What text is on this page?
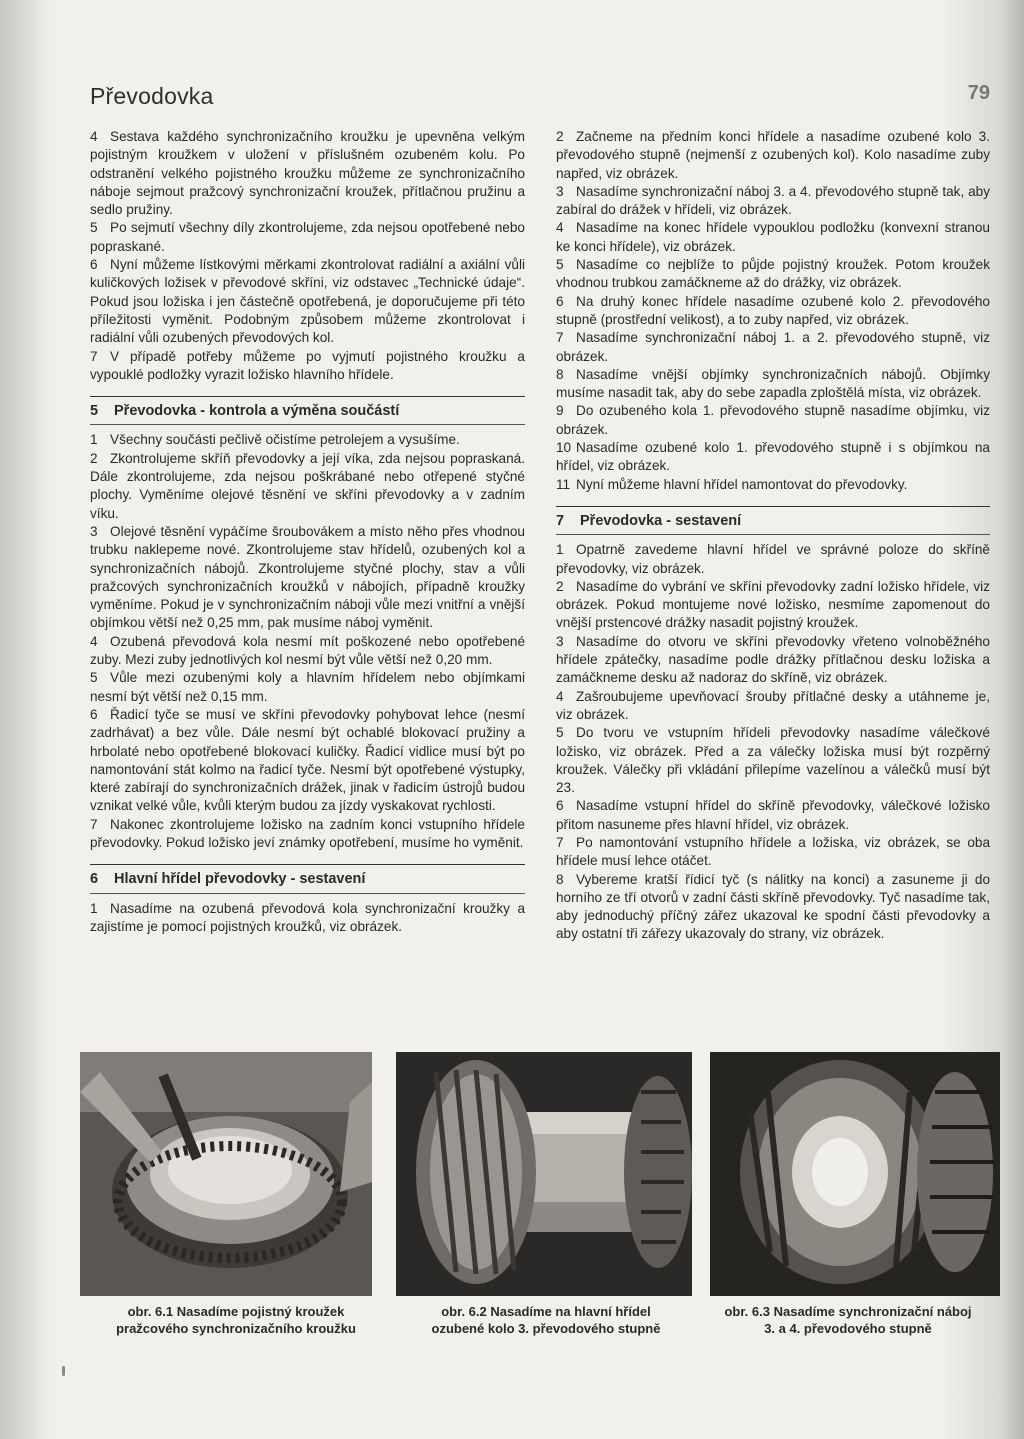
Převodovka	79
4 Sestava každého synchronizačního kroužku je upevněna velkým pojistným kroužkem v uložení v příslušném ozubeném kolu. Po odstranění velkého pojistného kroužku můžeme ze synchronizačního náboje sejmout pražcový synchronizační kroužek, přítlačnou pružinu a sedlo pružiny.
5 Po sejmutí všechny díly zkontrolujeme, zda nejsou opotřebené nebo popraskané.
6 Nyní můžeme lístkovými měrkami zkontrolovat radiální a axiální vůli kuličkových ložisek v převodové skříni, viz odstavec „Technické údaje“. Pokud jsou ložiska i jen částečně opotřebená, je doporučujeme při této příležitosti vyměnit. Podobným způsobem můžeme zkontrolovat i radiální vůli ozubených převodových kol.
7 V případě potřeby můžeme po vyjmutí pojistného kroužku a vypouklé podložky vyrazit ložisko hlavního hřídele.
5 Převodovka - kontrola a výměna součástí
1 Všechny součásti pečlivě očistíme petrolejem a vysušíme.
2 Zkontrolujeme skříň převodovky a její víka, zda nejsou popraskaná. Dále zkontrolujeme, zda nejsou poškrábané nebo otřepené styčné plochy. Vyměníme olejové těsnění ve skříni převodovky a v zadním víku.
3 Olejové těsnění vypáčíme šroubovákem a místo něho přes vhodnou trubku naklepeme nové. Zkontrolujeme stav hřídelů, ozubených kol a synchronizačních nábojů. Zkontrolujeme styčné plochy, stav a vůli pražcových synchronizačních kroužků v nábojích, případně kroužky vyměníme. Pokud je v synchronizačním náboji vůle mezi vnitřní a vnější objímkou větší než 0,25 mm, pak musíme náboj vyměnit.
4 Ozubená převodová kola nesmí mít poškozené nebo opotřebené zuby. Mezi zuby jednotlivých kol nesmí být vůle větší než 0,20 mm.
5 Vůle mezi ozubenými koly a hlavním hřídelem nebo objímkami nesmí být větší než 0,15 mm.
6 Řadicí tyče se musí ve skříni převodovky pohybovat lehce (nesmí zadrhávat) a bez vůle. Dále nesmí být ochablé blokovací pružiny a hrbolaté nebo opotřebené blokovací kuličky. Řadicí vidlice musí být po namontování stát kolmo na řadicí tyče. Nesmí být opotřebené výstupky, které zabírají do synchronizačních drážek, jinak v řadicím ústrojů budou vznikat velké vůle, kvůli kterým budou za jízdy vyskakovat rychlosti.
7 Nakonec zkontrolujeme ložisko na zadním konci vstupního hřídele převodovky. Pokud ložisko jeví známky opotřebení, musíme ho vyměnit.
6 Hlavní hřídel převodovky - sestavení
1 Nasadíme na ozubená převodová kola synchronizační kroužky a zajistíme je pomocí pojistných kroužků, viz obrázek.
2 Začneme na předním konci hřídele a nasadíme ozubené kolo 3. převodového stupně (nejmenší z ozubených kol). Kolo nasadíme zuby napřed, viz obrázek.
3 Nasadíme synchronizační náboj 3. a 4. převodového stupně tak, aby zabíral do drážek v hřídeli, viz obrázek.
4 Nasadíme na konec hřídele vypouklou podložku (konvexní stranou ke konci hřídele), viz obrázek.
5 Nasadíme co nejblíže to půjde pojistný kroužek. Potom kroužek vhodnou trubkou zamáčkneme až do drážky, viz obrázek.
6 Na druhý konec hřídele nasadíme ozubené kolo 2. převodového stupně (prostřední velikost), a to zuby napřed, viz obrázek.
7 Nasadíme synchronizační náboj 1. a 2. převodového stupně, viz obrázek.
8 Nasadíme vnější objímky synchronizačních nábojů. Objímky musíme nasadit tak, aby do sebe zapadla zploštělá místa, viz obrázek.
9 Do ozubeného kola 1. převodového stupně nasadíme objímku, viz obrázek.
10 Nasadíme ozubené kolo 1. převodového stupně i s objímkou na hřídel, viz obrázek.
11 Nyní můžeme hlavní hřídel namontovat do převodovky.
7 Převodovka - sestavení
1 Opatrně zavedeme hlavní hřídel ve správné poloze do skříně převodovky, viz obrázek.
2 Nasadíme do vybrání ve skříni převodovky zadní ložisko hřídele, viz obrázek. Pokud montujeme nové ložisko, nesmíme zapomenout do vnější prstencové drážky nasadit pojistný kroužek.
3 Nasadíme do otvoru ve skříni převodovky vřeteno volnoběžného hřídele zpátečky, nasadíme podle drážky přítlačnou desku ložiska a zamáčkneme desku až nadoraz do skříně, viz obrázek.
4 Zašroubujeme upevňovací šrouby přítlačné desky a utáhneme je, viz obrázek.
5 Do tvoru ve vstupním hřídeli převodovky nasadíme válečkové ložisko, viz obrázek. Před a za válečky ložiska musí být rozpěrný kroužek. Válečky při vkládání přilepíme vazelínou a válečků musí být 23.
6 Nasadíme vstupní hřídel do skříně převodovky, válečkové ložisko přitom nasuneme přes hlavní hřídel, viz obrázek.
7 Po namontování vstupního hřídele a ložiska, viz obrázek, se oba hřídele musí lehce otáčet.
8 Vybereme kratší řídicí tyč (s nálitky na konci) a zasuneme ji do horního ze tří otvorů v zadní části skříně převodovky. Tyč nasadíme tak, aby jednoduchý příčný zářez ukazoval ke spodní části převodovky a aby ostatní tři zářezy ukazovaly do strany, viz obrázek.
obr. 6.1 Nasadíme pojistný kroužek
pražcového synchronizačního kroužku
obr. 6.2 Nasadíme na hlavní hřídel
ozubené kolo 3. převodového stupně
obr. 6.3 Nasadíme synchronizační náboj
3. a 4. převodového stupně
